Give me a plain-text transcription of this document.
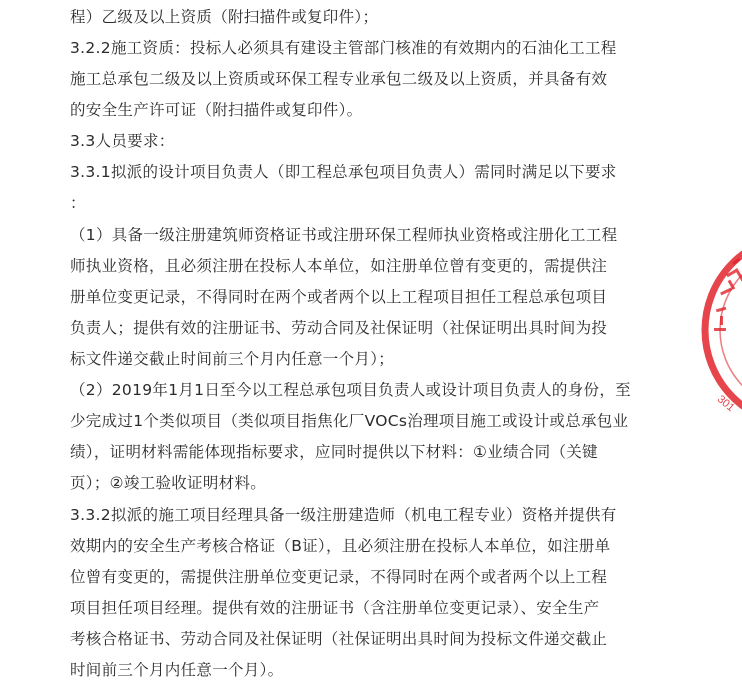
程）乙级及以上资质（附扫描件或复印件）；
3.2.2施工资质：投标人必须具有建设主管部门核准的有效期内的石油化工工程
施工总承包二级及以上资质或环保工程专业承包二级及以上资质，并具备有效
的安全生产许可证（附扫描件或复印件）。
3.3人员要求：
3.3.1拟派的设计项目负责人（即工程总承包项目负责人）需同时满足以下要求
：
（1）具备一级注册建筑师资格证书或注册环保工程师执业资格或注册化工工程
师执业资格，且必须注册在投标人本单位，如注册单位曾有变更的，需提供注
册单位变更记录，不得同时在两个或者两个以上工程项目担任工程总承包项目
负责人；提供有效的注册证书、劳动合同及社保证明（社保证明出具时间为投
标文件递交截止时间前三个月内任意一个月）；
（2）2019年1月1日至今以工程总承包项目负责人或设计项目负责人的身份，至
少完成过1个类似项目（类似项目指焦化厂VOCs治理项目施工或设计或总承包业
绩），证明材料需能体现指标要求，应同时提供以下材料：①业绩合同（关键
页）；②竣工验收证明材料。
3.3.2拟派的施工项目经理具备一级注册建造师（机电工程专业）资格并提供有
效期内的安全生产考核合格证（B证），且必须注册在投标人本单位，如注册单
位曾有变更的，需提供注册单位变更记录，不得同时在两个或者两个以上工程
项目担任项目经理。提供有效的注册证书（含注册单位变更记录）、安全生产
考核合格证书、劳动合同及社保证明（社保证明出具时间为投标文件递交截止
时间前三个月内任意一个月）。
301
